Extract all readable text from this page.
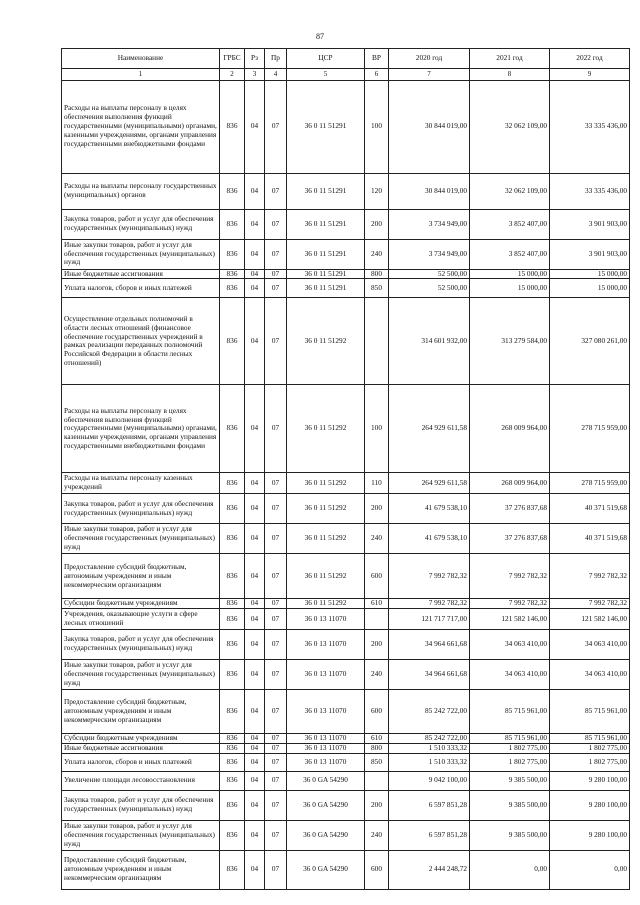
87
Наименование	ГРБС	Рз	Пр	ЦСР	ВР	2020 год	2021 год	2022 год
1	2	3	4	5	6	7	8	9
Расходы на выплаты персоналу в целях обеспечения выполнения функций государственными (муниципальными) органами, казенными учреждениями, органами управления государственными внебюджетными фондами	836	04	07	36 0 11 51291	100	30 844 019,00	32 062 109,00	33 335 436,00
Расходы на выплаты персоналу государственных (муниципальных) органов	836	04	07	36 0 11 51291	120	30 844 019,00	32 062 109,00	33 335 436,00
Закупка товаров, работ и услуг для обеспечения государственных (муниципальных) нужд	836	04	07	36 0 11 51291	200	3 734 949,00	3 852 407,00	3 901 903,00
Иные закупки товаров, работ и услуг для обеспечения государственных (муниципальных) нужд	836	04	07	36 0 11 51291	240	3 734 949,00	3 852 407,00	3 901 903,00
Иные бюджетные ассигнования	836	04	07	36 0 11 51291	800	52 500,00	15 000,00	15 000,00
Уплата налогов, сборов и иных платежей	836	04	07	36 0 11 51291	850	52 500,00	15 000,00	15 000,00
Осуществление отдельных полномочий в области лесных отношений (финансовое обеспечение государственных учреждений в рамках реализации переданных полномочий Российской Федерации в области лесных отношений)	836	04	07	36 0 11 51292		314 601 932,00	313 279 584,00	327 080 261,00
Расходы на выплаты персоналу в целях обеспечения выполнения функций государственными (муниципальными) органами, казенными учреждениями, органами управления государственными внебюджетными фондами	836	04	07	36 0 11 51292	100	264 929 611,58	268 009 964,00	278 715 959,00
Расходы на выплаты персоналу казенных учреждений	836	04	07	36 0 11 51292	110	264 929 611,58	268 009 964,00	278 715 959,00
Закупка товаров, работ и услуг для обеспечения государственных (муниципальных) нужд	836	04	07	36 0 11 51292	200	41 679 538,10	37 276 837,68	40 371 519,68
Иные закупки товаров, работ и услуг для обеспечения государственных (муниципальных) нужд	836	04	07	36 0 11 51292	240	41 679 538,10	37 276 837,68	40 371 519,68
Предоставление субсидий бюджетным, автономным учреждениям и иным некоммерческим организациям	836	04	07	36 0 11 51292	600	7 992 782,32	7 992 782,32	7 992 782,32
Субсидии бюджетным учреждениям	836	04	07	36 0 11 51292	610	7 992 782,32	7 992 782,32	7 992 782,32
Учреждения, оказывающие услуги в сфере лесных отношений	836	04	07	36 0 13 11070		121 717 717,00	121 582 146,00	121 582 146,00
Закупка товаров, работ и услуг для обеспечения государственных (муниципальных) нужд	836	04	07	36 0 13 11070	200	34 964 661,68	34 063 410,00	34 063 410,00
Иные закупки товаров, работ и услуг для обеспечения государственных (муниципальных) нужд	836	04	07	36 0 13 11070	240	34 964 661,68	34 063 410,00	34 063 410,00
Предоставление субсидий бюджетным, автономным учреждениям и иным некоммерческим организациям	836	04	07	36 0 13 11070	600	85 242 722,00	85 715 961,00	85 715 961,00
Субсидии бюджетным учреждениям	836	04	07	36 0 13 11070	610	85 242 722,00	85 715 961,00	85 715 961,00
Иные бюджетные ассигнования	836	04	07	36 0 13 11070	800	1 510 333,32	1 802 775,00	1 802 775,00
Уплата налогов, сборов и иных платежей	836	04	07	36 0 13 11070	850	1 510 333,32	1 802 775,00	1 802 775,00
Увеличение площади лесовосстановления	836	04	07	36 0 GA 54290		9 042 100,00	9 385 500,00	9 280 100,00
Закупка товаров, работ и услуг для обеспечения государственных (муниципальных) нужд	836	04	07	36 0 GA 54290	200	6 597 851,28	9 385 500,00	9 280 100,00
Иные закупки товаров, работ и услуг для обеспечения государственных (муниципальных) нужд	836	04	07	36 0 GA 54290	240	6 597 851,28	9 385 500,00	9 280 100,00
Предоставление субсидий бюджетным, автономным учреждениям и иным некоммерческим организациям	836	04	07	36 0 GA 54290	600	2 444 248,72	0,00	0,00
